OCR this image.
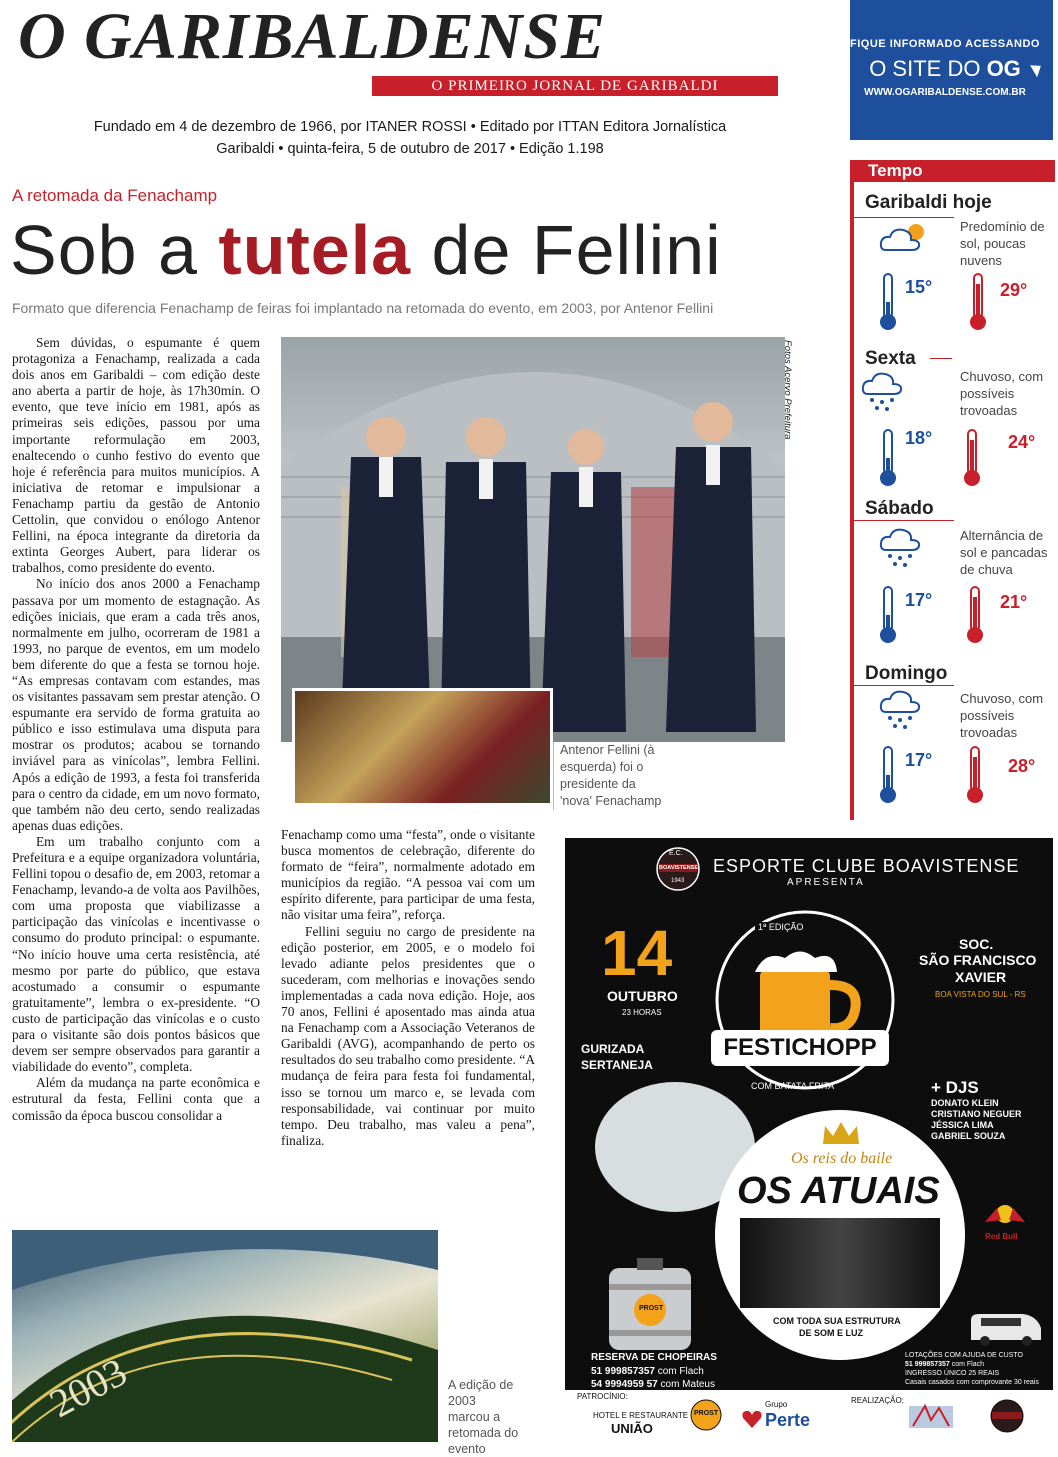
O GARIBALDENSE
O PRIMEIRO JORNAL DE GARIBALDI
Fundado em 4 de dezembro de 1966, por ITANER ROSSI • Editado por ITTAN Editora Jornalística
Garibaldi • quinta-feira, 5 de outubro de 2017 • Edição 1.198
FIQUE INFORMADO ACESSANDO
O SITE DO OG
WWW.OGARIBALDENSE.COM.BR
A retomada da Fenachamp
Sob a tutela de Fellini
Formato que diferencia Fenachamp de feiras foi implantado na retomada do evento, em 2003, por Antenor Fellini

Sem dúvidas, o espumante é quem protagoniza a Fenachamp, realizada a cada dois anos em Garibaldi – com edição deste ano aberta a partir de hoje, às 17h30min. O evento, que teve início em 1981, após as primeiras seis edições, passou por uma importante reformulação em 2003, enaltecendo o cunho festivo do evento que hoje é referência para muitos municípios. A iniciativa de retomar e impulsionar a Fenachamp partiu da gestão de Antonio Cettolin, que convidou o enólogo Antenor Fellini, na época integrante da diretoria da extinta Georges Aubert, para liderar os trabalhos, como presidente do evento.

No início dos anos 2000 a Fenachamp passava por um momento de estagnação. As edições iniciais, que eram a cada três anos, normalmente em julho, ocorreram de 1981 a 1993, no parque de eventos, em um modelo bem diferente do que a festa se tornou hoje. “As empresas contavam com estandes, mas os visitantes passavam sem prestar atenção. O espumante era servido de forma gratuita ao público e isso estimulava uma disputa para mostrar os produtos; acabou se tornando inviável para as vinícolas”, lembra Fellini. Após a edição de 1993, a festa foi transferida para o centro da cidade, em um novo formato, que também não deu certo, sendo realizadas apenas duas edições.

Em um trabalho conjunto com a Prefeitura e a equipe organizadora voluntária, Fellini topou o desafio de, em 2003, retomar a Fenachamp, levando-a de volta aos Pavilhões, com uma proposta que viabilizasse a participação das vinícolas e incentivasse o consumo do produto principal: o espumante. “No início houve uma certa resistência, até mesmo por parte do público, que estava acostumado a consumir o espumante gratuitamente”, lembra o ex-presidente. “O custo de participação das vinícolas e o custo para o visitante são dois pontos básicos que devem ser sempre observados para garantir a viabilidade do evento”, completa.

Além da mudança na parte econômica e estrutural da festa, Fellini conta que a comissão da época buscou consolidar a

Fotos Acervo Prefeitura
Antenor Fellini (à esquerda) foi o presidente da 'nova' Fenachamp

Fenachamp como uma “festa”, onde o visitante busca momentos de celebração, diferente do formato de “feira”, normalmente adotado em municípios da região. “A pessoa vai com um espírito diferente, para participar de uma festa, não visitar uma feira”, reforça.

Fellini seguiu no cargo de presidente na edição posterior, em 2005, e o modelo foi levado adiante pelos presidentes que o sucederam, com melhorias e inovações sendo implementadas a cada nova edição. Hoje, aos 70 anos, Fellini é aposentado mas ainda atua na Fenachamp com a Associação Veteranos de Garibaldi (AVG), acompanhando de perto os resultados do seu trabalho como presidente. “A mudança de feira para festa foi fundamental, isso se tornou um marco e, se levada com responsabilidade, vai continuar por muito tempo. Deu trabalho, mas valeu a pena”, finaliza.

2003	A edição de 2003 marcou a retomada do evento
Tempo
Garibaldi hoje
Predomínio de sol, poucas nuvens
15°	29°
Sexta
Chuvoso, com possíveis trovoadas
18°	24°
Sábado
Alternância de sol e pancadas de chuva
17°	21°
Domingo
Chuvoso, com possíveis trovoadas
17°	28°
E.C.
BOAVISTENSE
1943
ESPORTE CLUBE BOAVISTENSE
APRESENTA
14
OUTUBRO
23 HORAS
1ª EDIÇÃO
FESTICHOPP
COM BATATA FRITA
SOC.
SÃO FRANCISCO
XAVIER
BOA VISTA DO SUL - RS
GURIZADA
SERTANEJA
+ DJS
DONATO KLEIN
CRISTIANO NEGUER
JÉSSICA LIMA
GABRIEL SOUZA
Os reis do baile
OS ATUAIS
COM TODA SUA ESTRUTURA
DE SOM E LUZ
PROST
Red Bull
RESERVA DE CHOPEIRAS
51 999857357 com Flach
54 9994959 57 com Mateus
LOTAÇÕES COM AJUDA DE CUSTO
51 999857357 com Flach
INGRESSO ÚNICO 25 REAIS
Casais casados com comprovante 30 reais
PATROCÍNIO:
HOTEL E RESTAURANTE
UNIÃO
PROST
Grupo
Perte
REALIZAÇÃO:
